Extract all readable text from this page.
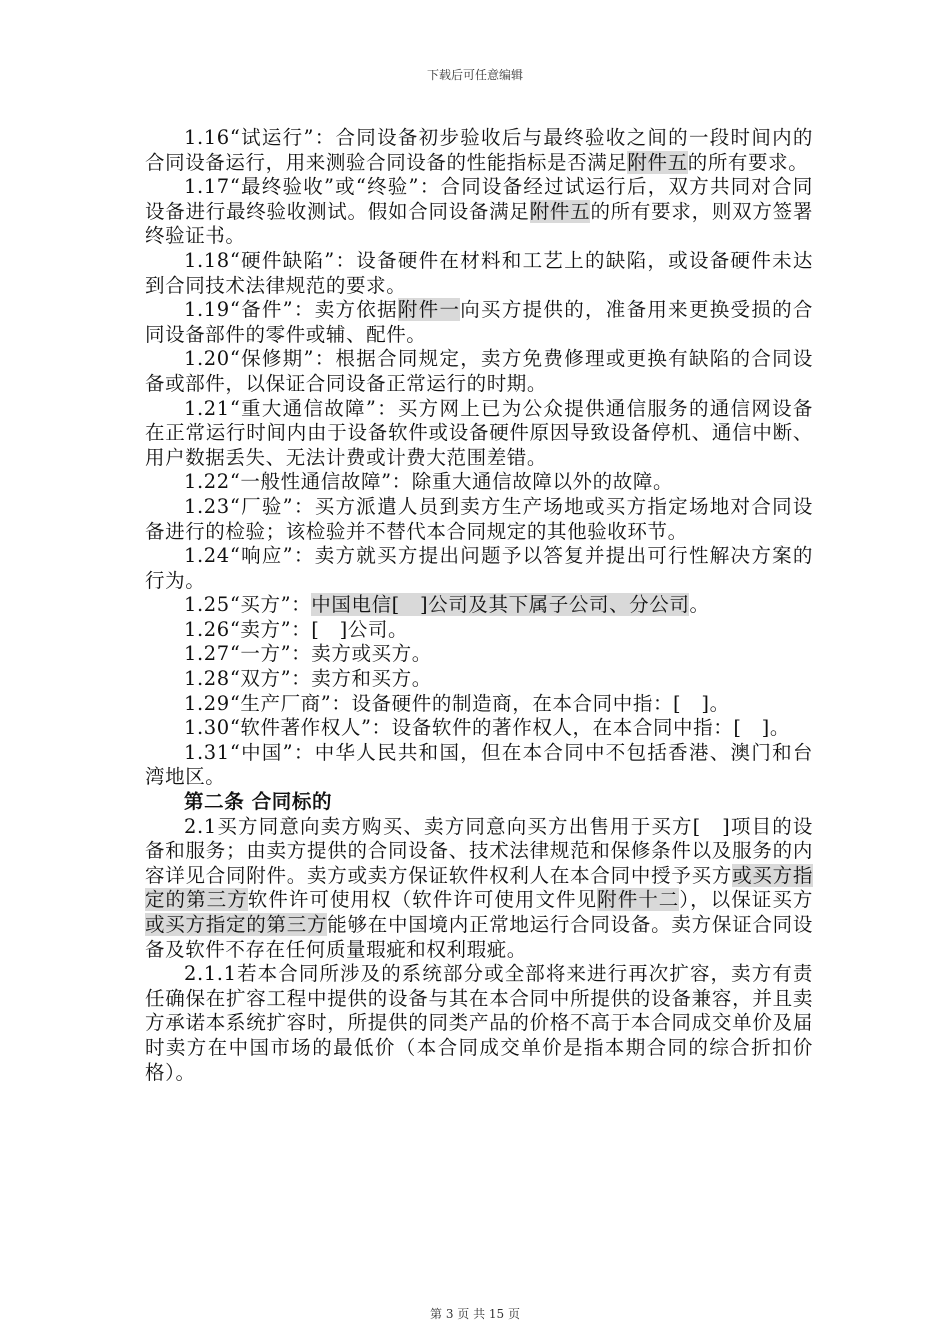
下载后可任意编辑

1.16“试运行”：合同设备初步验收后与最终验收之间的一段时间内的合同设备运行，用来测验合同设备的性能指标是否满足附件五的所有要求。

1.17“最终验收”或“终验”：合同设备经过试运行后，双方共同对合同设备进行最终验收测试。假如合同设备满足附件五的所有要求，则双方签署终验证书。

1.18“硬件缺陷”：设备硬件在材料和工艺上的缺陷，或设备硬件未达到合同技术法律规范的要求。

1.19“备件”：卖方依据附件一向买方提供的，准备用来更换受损的合同设备部件的零件或辅、配件。

1.20“保修期”：根据合同规定，卖方免费修理或更换有缺陷的合同设备或部件，以保证合同设备正常运行的时期。

1.21“重大通信故障”：买方网上已为公众提供通信服务的通信网设备在正常运行时间内由于设备软件或设备硬件原因导致设备停机、通信中断、用户数据丢失、无法计费或计费大范围差错。

1.22“一般性通信故障”：除重大通信故障以外的故障。

1.23“厂验”：买方派遣人员到卖方生产场地或买方指定场地对合同设备进行的检验；该检验并不替代本合同规定的其他验收环节。

1.24“响应”：卖方就买方提出问题予以答复并提出可行性解决方案的行为。

1.25“买方”：中国电信[　]公司及其下属子公司、分公司。

1.26“卖方”：[　]公司。

1.27“一方”：卖方或买方。

1.28“双方”：卖方和买方。

1.29“生产厂商”：设备硬件的制造商，在本合同中指：[　]。

1.30“软件著作权人”：设备软件的著作权人，在本合同中指：[　]。

1.31“中国”：中华人民共和国，但在本合同中不包括香港、澳门和台湾地区。

第二条 合同标的

2.1买方同意向卖方购买、卖方同意向买方出售用于买方[　]项目的设备和服务；由卖方提供的合同设备、技术法律规范和保修条件以及服务的内容详见合同附件。卖方或卖方保证软件权利人在本合同中授予买方或买方指定的第三方软件许可使用权（软件许可使用文件见附件十二），以保证买方或买方指定的第三方能够在中国境内正常地运行合同设备。卖方保证合同设备及软件不存在任何质量瑕疵和权利瑕疵。

2.1.1若本合同所涉及的系统部分或全部将来进行再次扩容，卖方有责任确保在扩容工程中提供的设备与其在本合同中所提供的设备兼容，并且卖方承诺本系统扩容时，所提供的同类产品的价格不高于本合同成交单价及届时卖方在中国市场的最低价（本合同成交单价是指本期合同的综合折扣价格）。

第 3 页 共 15 页
